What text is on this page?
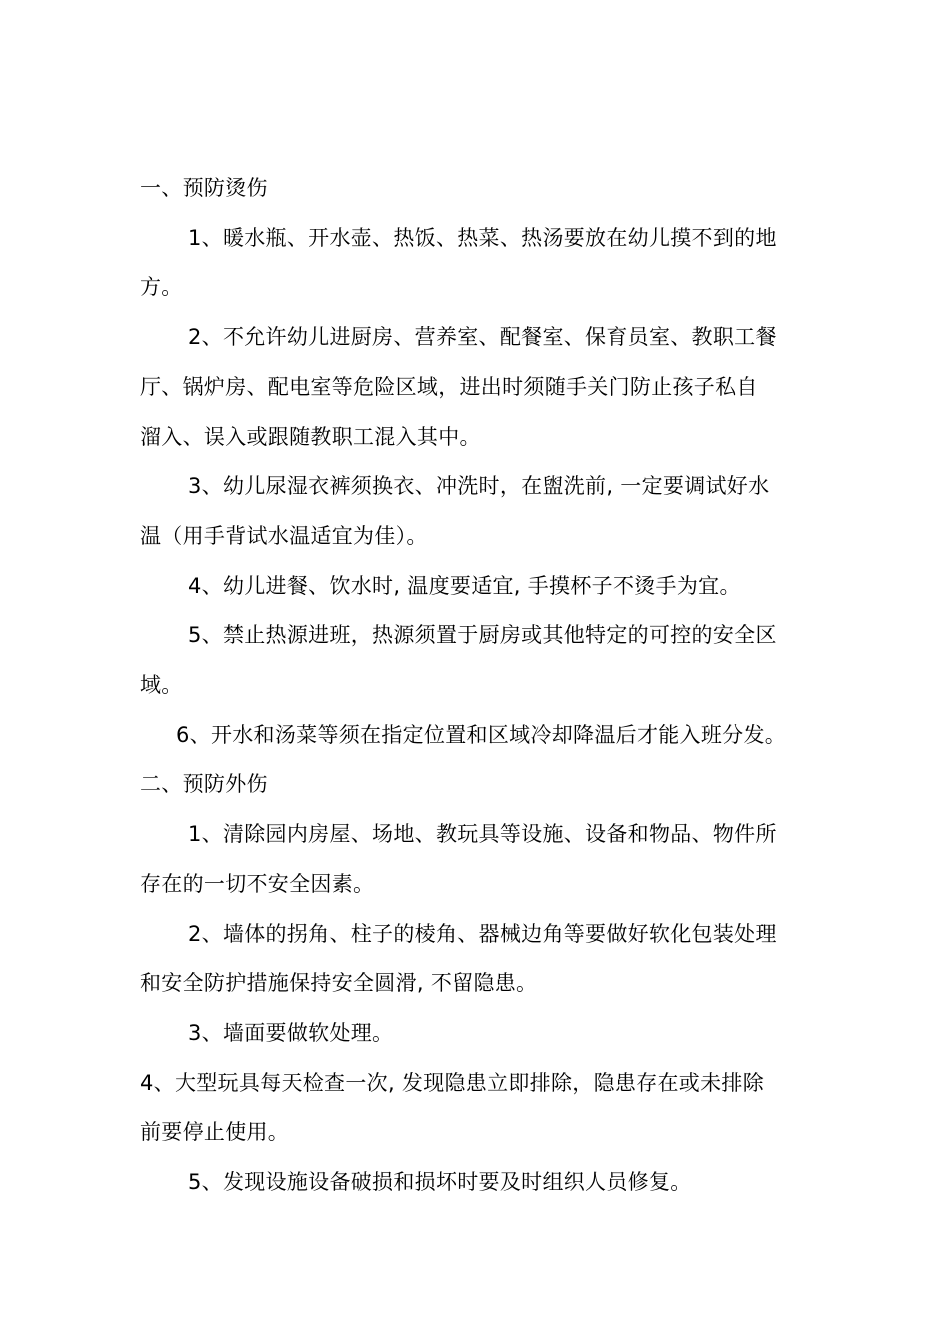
一、预防烫伤
1、暖水瓶、开水壶、热饭、热菜、热汤要放在幼儿摸不到的地
方。
2、不允许幼儿进厨房、营养室、配餐室、保育员室、教职工餐
厅、锅炉房、配电室等危险区域，进出时须随手关门防止孩子私自
溜入、误入或跟随教职工混入其中。
3、幼儿尿湿衣裤须换衣、冲洗时，在盥洗前, 一定要调试好水
温（用手背试水温适宜为佳）。
4、幼儿进餐、饮水时, 温度要适宜, 手摸杯子不烫手为宜。
5、禁止热源进班，热源须置于厨房或其他特定的可控的安全区
域。
6、开水和汤菜等须在指定位置和区域冷却降温后才能入班分发。
二、预防外伤
1、清除园内房屋、场地、教玩具等设施、设备和物品、物件所
存在的一切不安全因素。
2、墙体的拐角、柱子的棱角、器械边角等要做好软化包装处理
和安全防护措施保持安全圆滑, 不留隐患。
3、墙面要做软处理。
4、大型玩具每天检查一次, 发现隐患立即排除，隐患存在或未排除
前要停止使用。
5、发现设施设备破损和损坏时要及时组织人员修复。
